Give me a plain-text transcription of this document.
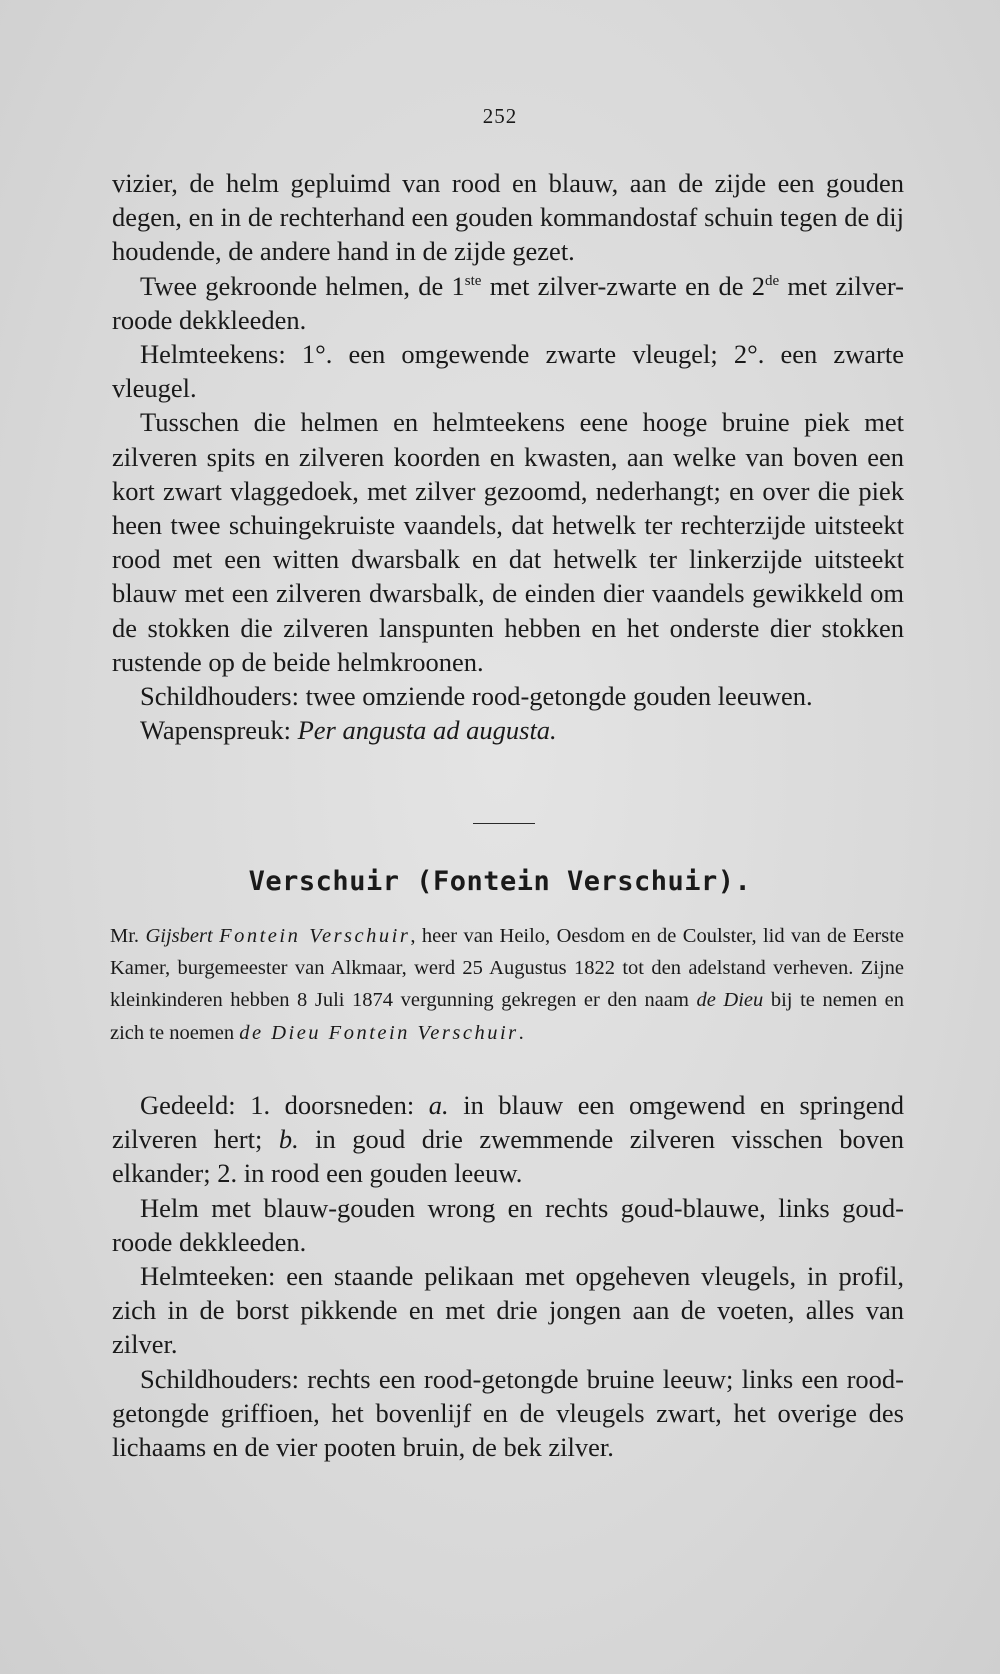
252

vizier, de helm gepluimd van rood en blauw, aan de zijde een gouden degen, en in de rechterhand een gouden kommandostaf schuin tegen de dij houdende, de andere hand in de zijde gezet.

Twee gekroonde helmen, de 1ste met zilver-zwarte en de 2de met zilver-roode dekkleeden.

Helmteekens: 1°. een omgewende zwarte vleugel; 2°. een zwarte vleugel.

Tusschen die helmen en helmteekens eene hooge bruine piek met zilveren spits en zilveren koorden en kwasten, aan welke van boven een kort zwart vlaggedoek, met zilver gezoomd, nederhangt; en over die piek heen twee schuingekruiste vaandels, dat hetwelk ter rechterzijde uitsteekt rood met een witten dwarsbalk en dat hetwelk ter linkerzijde uitsteekt blauw met een zilveren dwarsbalk, de einden dier vaandels gewikkeld om de stokken die zilveren lanspunten hebben en het onderste dier stokken rustende op de beide helmkroonen.

Schildhouders: twee omziende rood-getongde gouden leeuwen.

Wapenspreuk: Per angusta ad augusta.

Verschuir (Fontein Verschuir).

Mr. Gijsbert Fontein Verschuir, heer van Heilo, Oesdom en de Coulster, lid van de Eerste Kamer, burgemeester van Alkmaar, werd 25 Augustus 1822 tot den adelstand verheven. Zijne kleinkinderen hebben 8 Juli 1874 vergunning gekregen er den naam de Dieu bij te nemen en zich te noemen de Dieu Fontein Verschuir.

Gedeeld: 1. doorsneden: a. in blauw een omgewend en springend zilveren hert; b. in goud drie zwemmende zilveren visschen boven elkander; 2. in rood een gouden leeuw.

Helm met blauw-gouden wrong en rechts goud-blauwe, links goud-roode dekkleeden.

Helmteeken: een staande pelikaan met opgeheven vleugels, in profil, zich in de borst pikkende en met drie jongen aan de voeten, alles van zilver.

Schildhouders: rechts een rood-getongde bruine leeuw; links een rood-getongde griffioen, het bovenlijf en de vleugels zwart, het overige des lichaams en de vier pooten bruin, de bek zilver.
